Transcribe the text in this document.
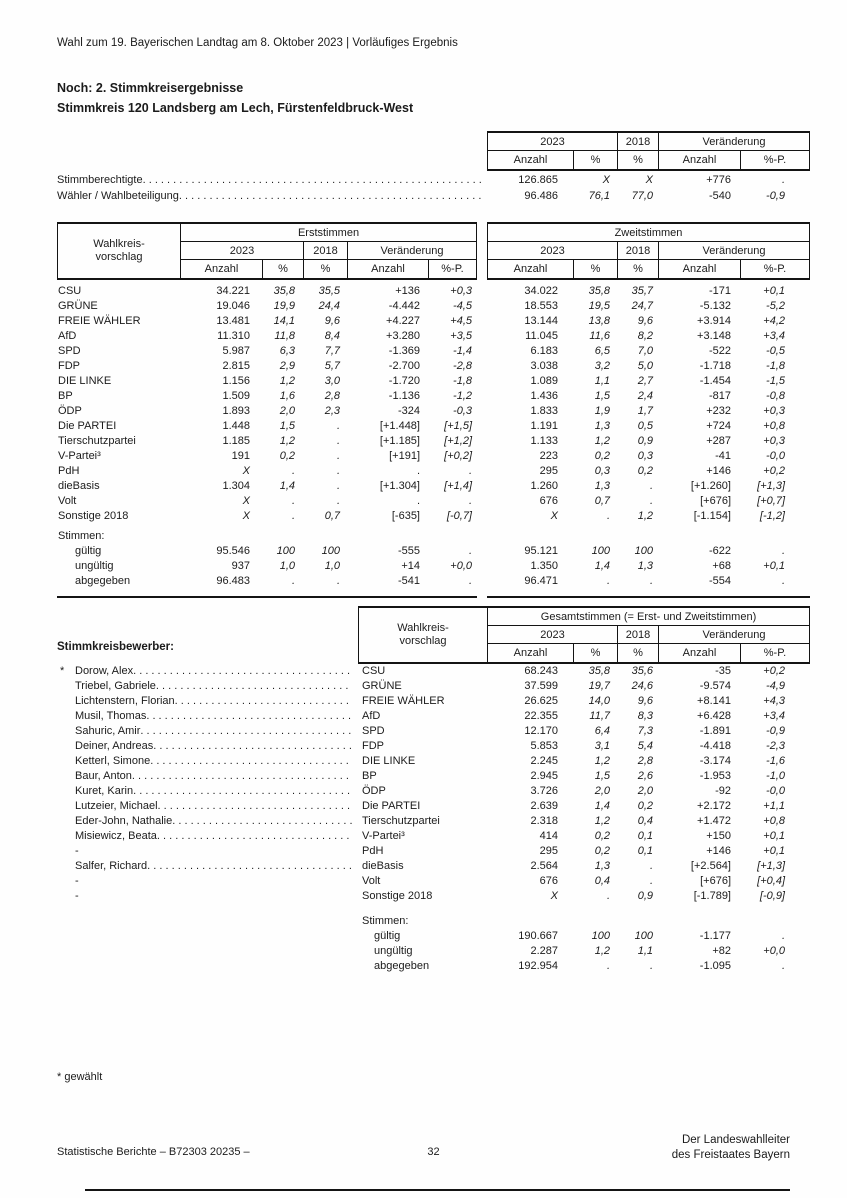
Wahl zum 19. Bayerischen Landtag am 8. Oktober 2023 | Vorläufiges Ergebnis
Noch: 2. Stimmkreisergebnisse
Stimmkreis 120 Landsberg am Lech, Fürstenfeldbruck-West
2023	2018	Veränderung
Anzahl	%	%	Anzahl	%-P.
Stimmberechtigte . . .	126.865	X	X	+776	.
Wähler / Wahlbeteiligung . . .	96.486	76,1	77,0	-540	-0,9
Wahlkreis-
vorschlag
Erststimmen
2023	2018	Veränderung
Anzahl	%	%	Anzahl	%-P.
Zweitstimmen
2023	2018	Veränderung
Anzahl	%	%	Anzahl	%-P.
CSU	34.221	35,8	35,5	+136	+0,3	34.022	35,8	35,7	-171	+0,1
GRÜNE	19.046	19,9	24,4	-4.442	-4,5	18.553	19,5	24,7	-5.132	-5,2
FREIE WÄHLER	13.481	14,1	9,6	+4.227	+4,5	13.144	13,8	9,6	+3.914	+4,2
AfD	11.310	11,8	8,4	+3.280	+3,5	11.045	11,6	8,2	+3.148	+3,4
SPD	5.987	6,3	7,7	-1.369	-1,4	6.183	6,5	7,0	-522	-0,5
FDP	2.815	2,9	5,7	-2.700	-2,8	3.038	3,2	5,0	-1.718	-1,8
DIE LINKE	1.156	1,2	3,0	-1.720	-1,8	1.089	1,1	2,7	-1.454	-1,5
BP	1.509	1,6	2,8	-1.136	-1,2	1.436	1,5	2,4	-817	-0,8
ÖDP	1.893	2,0	2,3	-324	-0,3	1.833	1,9	1,7	+232	+0,3
Die PARTEI	1.448	1,5	.	[+1.448]	[+1,5]	1.191	1,3	0,5	+724	+0,8
Tierschutzpartei	1.185	1,2	.	[+1.185]	[+1,2]	1.133	1,2	0,9	+287	+0,3
V-Partei³	191	0,2	.	[+191]	[+0,2]	223	0,2	0,3	-41	-0,0
PdH	X	.	.	.	.	295	0,3	0,2	+146	+0,2
dieBasis	1.304	1,4	.	[+1.304]	[+1,4]	1.260	1,3	.	[+1.260]	[+1,3]
Volt	X	.	.	.	.	676	0,7	.	[+676]	[+0,7]
Sonstige 2018	X	.	0,7	[-635]	[-0,7]	X	.	1,2	[-1.154]	[-1,2]
Stimmen:
gültig	95.546	100	100	-555	.	95.121	100	100	-622	.
ungültig	937	1,0	1,0	+14	+0,0	1.350	1,4	1,3	+68	+0,1
abgegeben	96.483	.	.	-541	.	96.471	.	.	-554	.
Wahlkreis-
vorschlag
Gesamtstimmen (= Erst- und Zweitstimmen)
2023	2018	Veränderung
Anzahl	%	%	Anzahl	%-P.
Stimmkreisbewerber:
* Dorow, Alex . . .	CSU	68.243	35,8	35,6	-35	+0,2
Triebel, Gabriele . . .	GRÜNE	37.599	19,7	24,6	-9.574	-4,9
Lichtenstern, Florian . . .	FREIE WÄHLER	26.625	14,0	9,6	+8.141	+4,3
Musil, Thomas . . .	AfD	22.355	11,7	8,3	+6.428	+3,4
Sahuric, Amir . . .	SPD	12.170	6,4	7,3	-1.891	-0,9
Deiner, Andreas . . .	FDP	5.853	3,1	5,4	-4.418	-2,3
Ketterl, Simone . . .	DIE LINKE	2.245	1,2	2,8	-3.174	-1,6
Baur, Anton . . .	BP	2.945	1,5	2,6	-1.953	-1,0
Kuret, Karin . . .	ÖDP	3.726	2,0	2,0	-92	-0,0
Lutzeier, Michael . . .	Die PARTEI	2.639	1,4	0,2	+2.172	+1,1
Eder-John, Nathalie . . .	Tierschutzpartei	2.318	1,2	0,4	+1.472	+0,8
Misiewicz, Beata . . .	V-Partei³	414	0,2	0,1	+150	+0,1
-	PdH	295	0,2	0,1	+146	+0,1
Salfer, Richard . . .	dieBasis	2.564	1,3	.	[+2.564]	[+1,3]
-	Volt	676	0,4	.	[+676]	[+0,4]
-	Sonstige 2018	X	.	0,9	[-1.789]	[-0,9]
Stimmen:
gültig	190.667	100	100	-1.177	.
ungültig	2.287	1,2	1,1	+82	+0,0
abgegeben	192.954	.	.	-1.095	.
* gewählt
Statistische Berichte – B72303 20235 –	32
Der Landeswahlleiter
des Freistaates Bayern
